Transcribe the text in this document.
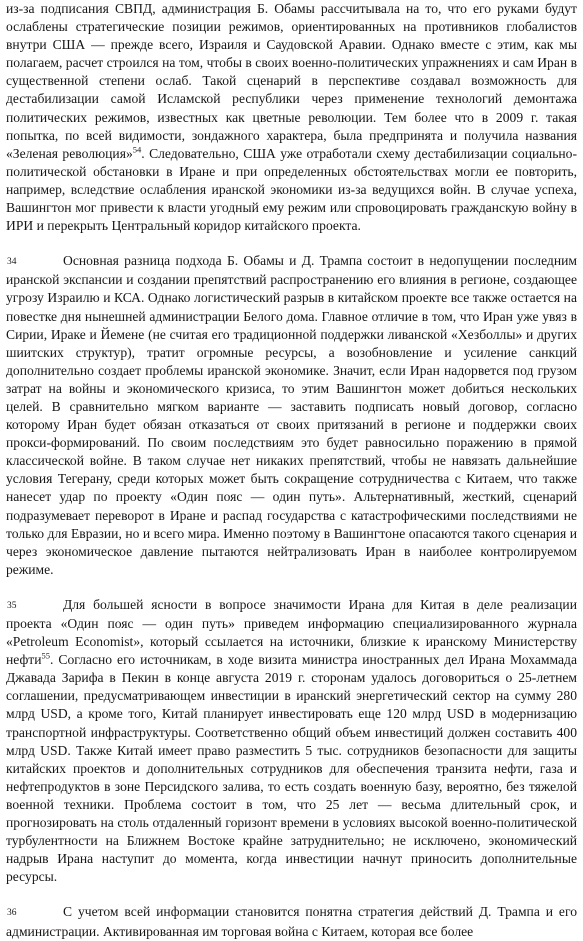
из-за подписания СВПД, администрация Б. Обамы рассчитывала на то, что его руками будут ослаблены стратегические позиции режимов, ориентированных на противников глобалистов внутри США — прежде всего, Израиля и Саудовской Аравии. Однако вместе с этим, как мы полагаем, расчет строился на том, чтобы в своих военно-политических упражнениях и сам Иран в существенной степени ослаб. Такой сценарий в перспективе создавал возможность для дестабилизации самой Исламской республики через применение технологий демонтажа политических режимов, известных как цветные революции. Тем более что в 2009 г. такая попытка, по всей видимости, зондажного характера, была предпринята и получила названия «Зеленая революция»$^{54}$. Следовательно, США уже отработали схему дестабилизации социально-политической обстановки в Иране и при определенных обстоятельствах могли ее повторить, например, вследствие ослабления иранской экономики из-за ведущихся войн. В случае успеха, Вашингтон мог привести к власти угодный ему режим или спровоцировать гражданскую войну в ИРИ и перекрыть Центральный коридор китайского проекта.

34	Основная разница подхода Б. Обамы и Д. Трампа состоит в недопущении последним иранской экспансии и создании препятствий распространению его влияния в регионе, создающее угрозу Израилю и КСА. Однако логистический разрыв в китайском проекте все также остается на повестке дня нынешней администрации Белого дома. Главное отличие в том, что Иран уже увяз в Сирии, Ираке и Йемене (не считая его традиционной поддержки ливанской «Хезболлы» и других шиитских структур), тратит огромные ресурсы, а возобновление и усиление санкций дополнительно создает проблемы иранской экономике. Значит, если Иран надорвется под грузом затрат на войны и экономического кризиса, то этим Вашингтон может добиться нескольких целей. В сравнительно мягком варианте — заставить подписать новый договор, согласно которому Иран будет обязан отказаться от своих притязаний в регионе и поддержки своих прокси-формирований. По своим последствиям это будет равносильно поражению в прямой классической войне. В таком случае нет никаких препятствий, чтобы не навязать дальнейшие условия Тегерану, среди которых может быть сокращение сотрудничества с Китаем, что также нанесет удар по проекту «Один пояс — один путь». Альтернативный, жесткий, сценарий подразумевает переворот в Иране и распад государства с катастрофическими последствиями не только для Евразии, но и всего мира. Именно поэтому в Вашингтоне опасаются такого сценария и через экономическое давление пытаются нейтрализовать Иран в наиболее контролируемом режиме.

35	Для большей ясности в вопросе значимости Ирана для Китая в деле реализации проекта «Один пояс — один путь» приведем информацию специализированного журнала «Petroleum Economist», который ссылается на источники, близкие к иранскому Министерству нефти$^{55}$. Согласно его источникам, в ходе визита министра иностранных дел Ирана Мохаммада Джавада Зарифа в Пекин в конце августа 2019 г. сторонам удалось договориться о 25-летнем соглашении, предусматривающем инвестиции в иранский энергетический сектор на сумму 280 млрд USD, а кроме того, Китай планирует инвестировать еще 120 млрд USD в модернизацию транспортной инфраструктуры. Соответственно общий объем инвестиций должен составить 400 млрд USD. Также Китай имеет право разместить 5 тыс. сотрудников безопасности для защиты китайских проектов и дополнительных сотрудников для обеспечения транзита нефти, газа и нефтепродуктов в зоне Персидского залива, то есть создать военную базу, вероятно, без тяжелой военной техники. Проблема состоит в том, что 25 лет — весьма длительный срок, и прогнозировать на столь отдаленный горизонт времени в условиях высокой военно-политической турбулентности на Ближнем Востоке крайне затруднительно; не исключено, экономический надрыв Ирана наступит до момента, когда инвестиции начнут приносить дополнительные ресурсы.

36	С учетом всей информации становится понятна стратегия действий Д. Трампа и его администрации. Активированная им торговая война с Китаем, которая все более
